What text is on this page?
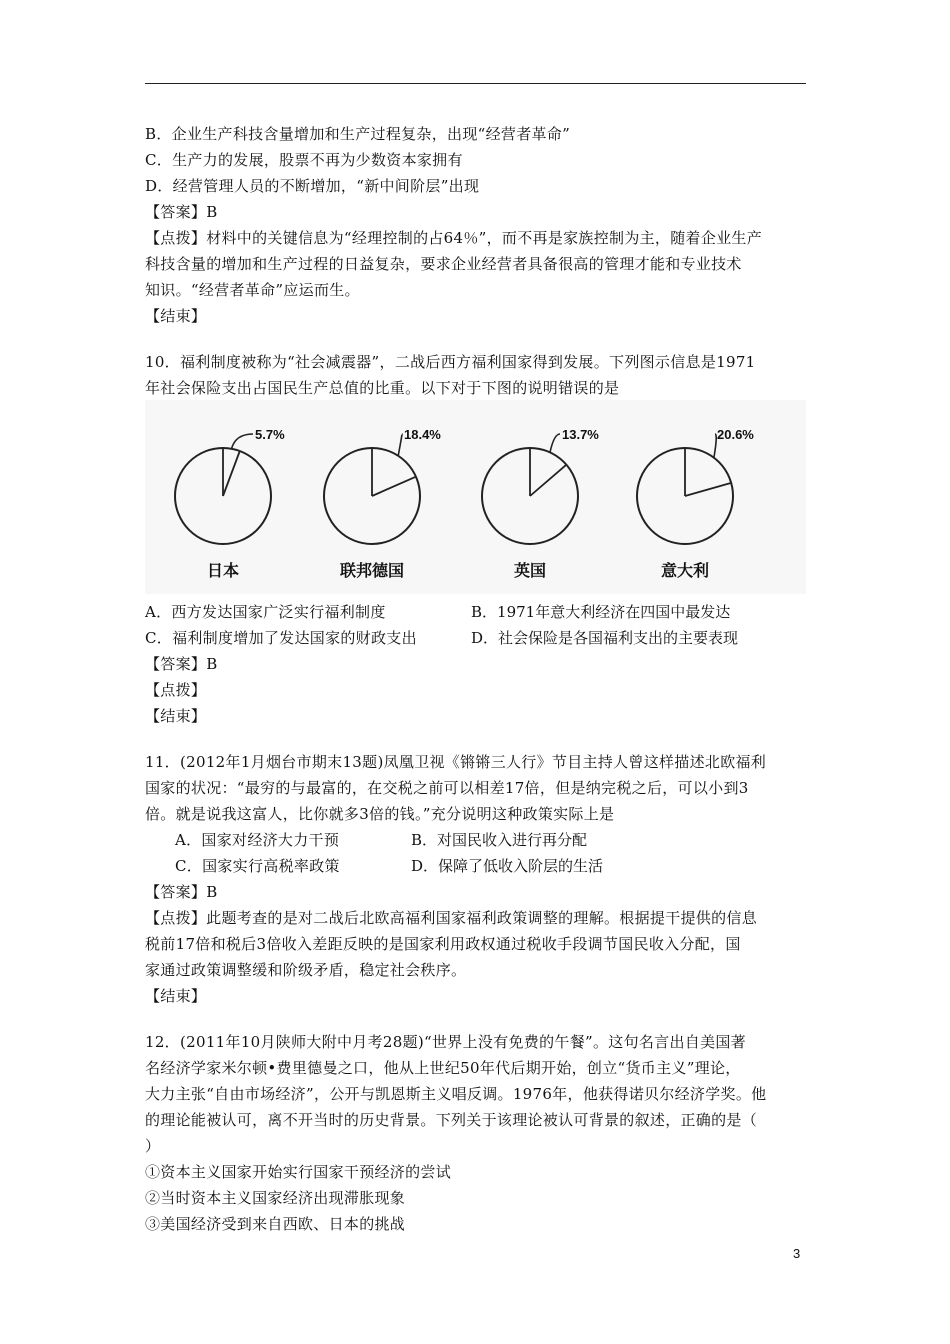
B．企业生产科技含量增加和生产过程复杂，出现“经营者革命”
C．生产力的发展，股票不再为少数资本家拥有
D．经营管理人员的不断增加，“新中间阶层”出现
【答案】B
【点拨】材料中的关键信息为“经理控制的占64％”，而不再是家族控制为主，随着企业生产
科技含量的增加和生产过程的日益复杂，要求企业经营者具备很高的管理才能和专业技术
知识。“经营者革命”应运而生。
【结束】
10．福利制度被称为“社会减震器”，二战后西方福利国家得到发展。下列图示信息是1971
年社会保险支出占国民生产总值的比重。以下对于下图的说明错误的是
5.7%
日本
18.4%
联邦德国
13.7%
英国
20.6%
意大利
A．西方发达国家广泛实行福利制度	B．1971年意大利经济在四国中最发达
C．福利制度增加了发达国家的财政支出	D．社会保险是各国福利支出的主要表现
【答案】B
【点拨】
【结束】
11．(2012年1月烟台市期末13题)凤凰卫视《锵锵三人行》节目主持人曾这样描述北欧福利
国家的状况：“最穷的与最富的，在交税之前可以相差17倍，但是纳完税之后，可以小到3
倍。就是说我这富人，比你就多3倍的钱。”充分说明这种政策实际上是
A．国家对经济大力干预	B．对国民收入进行再分配
C．国家实行高税率政策	D．保障了低收入阶层的生活
【答案】B
【点拨】此题考查的是对二战后北欧高福利国家福利政策调整的理解。根据提干提供的信息
税前17倍和税后3倍收入差距反映的是国家利用政权通过税收手段调节国民收入分配，国
家通过政策调整缓和阶级矛盾，稳定社会秩序。
【结束】
12．(2011年10月陕师大附中月考28题)“世界上没有免费的午餐”。这句名言出自美国著
名经济学家米尔顿•费里德曼之口，他从上世纪50年代后期开始，创立“货币主义”理论，
大力主张“自由市场经济”，公开与凯恩斯主义唱反调。1976年，他获得诺贝尔经济学奖。他
的理论能被认可，离不开当时的历史背景。下列关于该理论被认可背景的叙述，正确的是（
）
①资本主义国家开始实行国家干预经济的尝试
②当时资本主义国家经济出现滞胀现象
③美国经济受到来自西欧、日本的挑战
3
